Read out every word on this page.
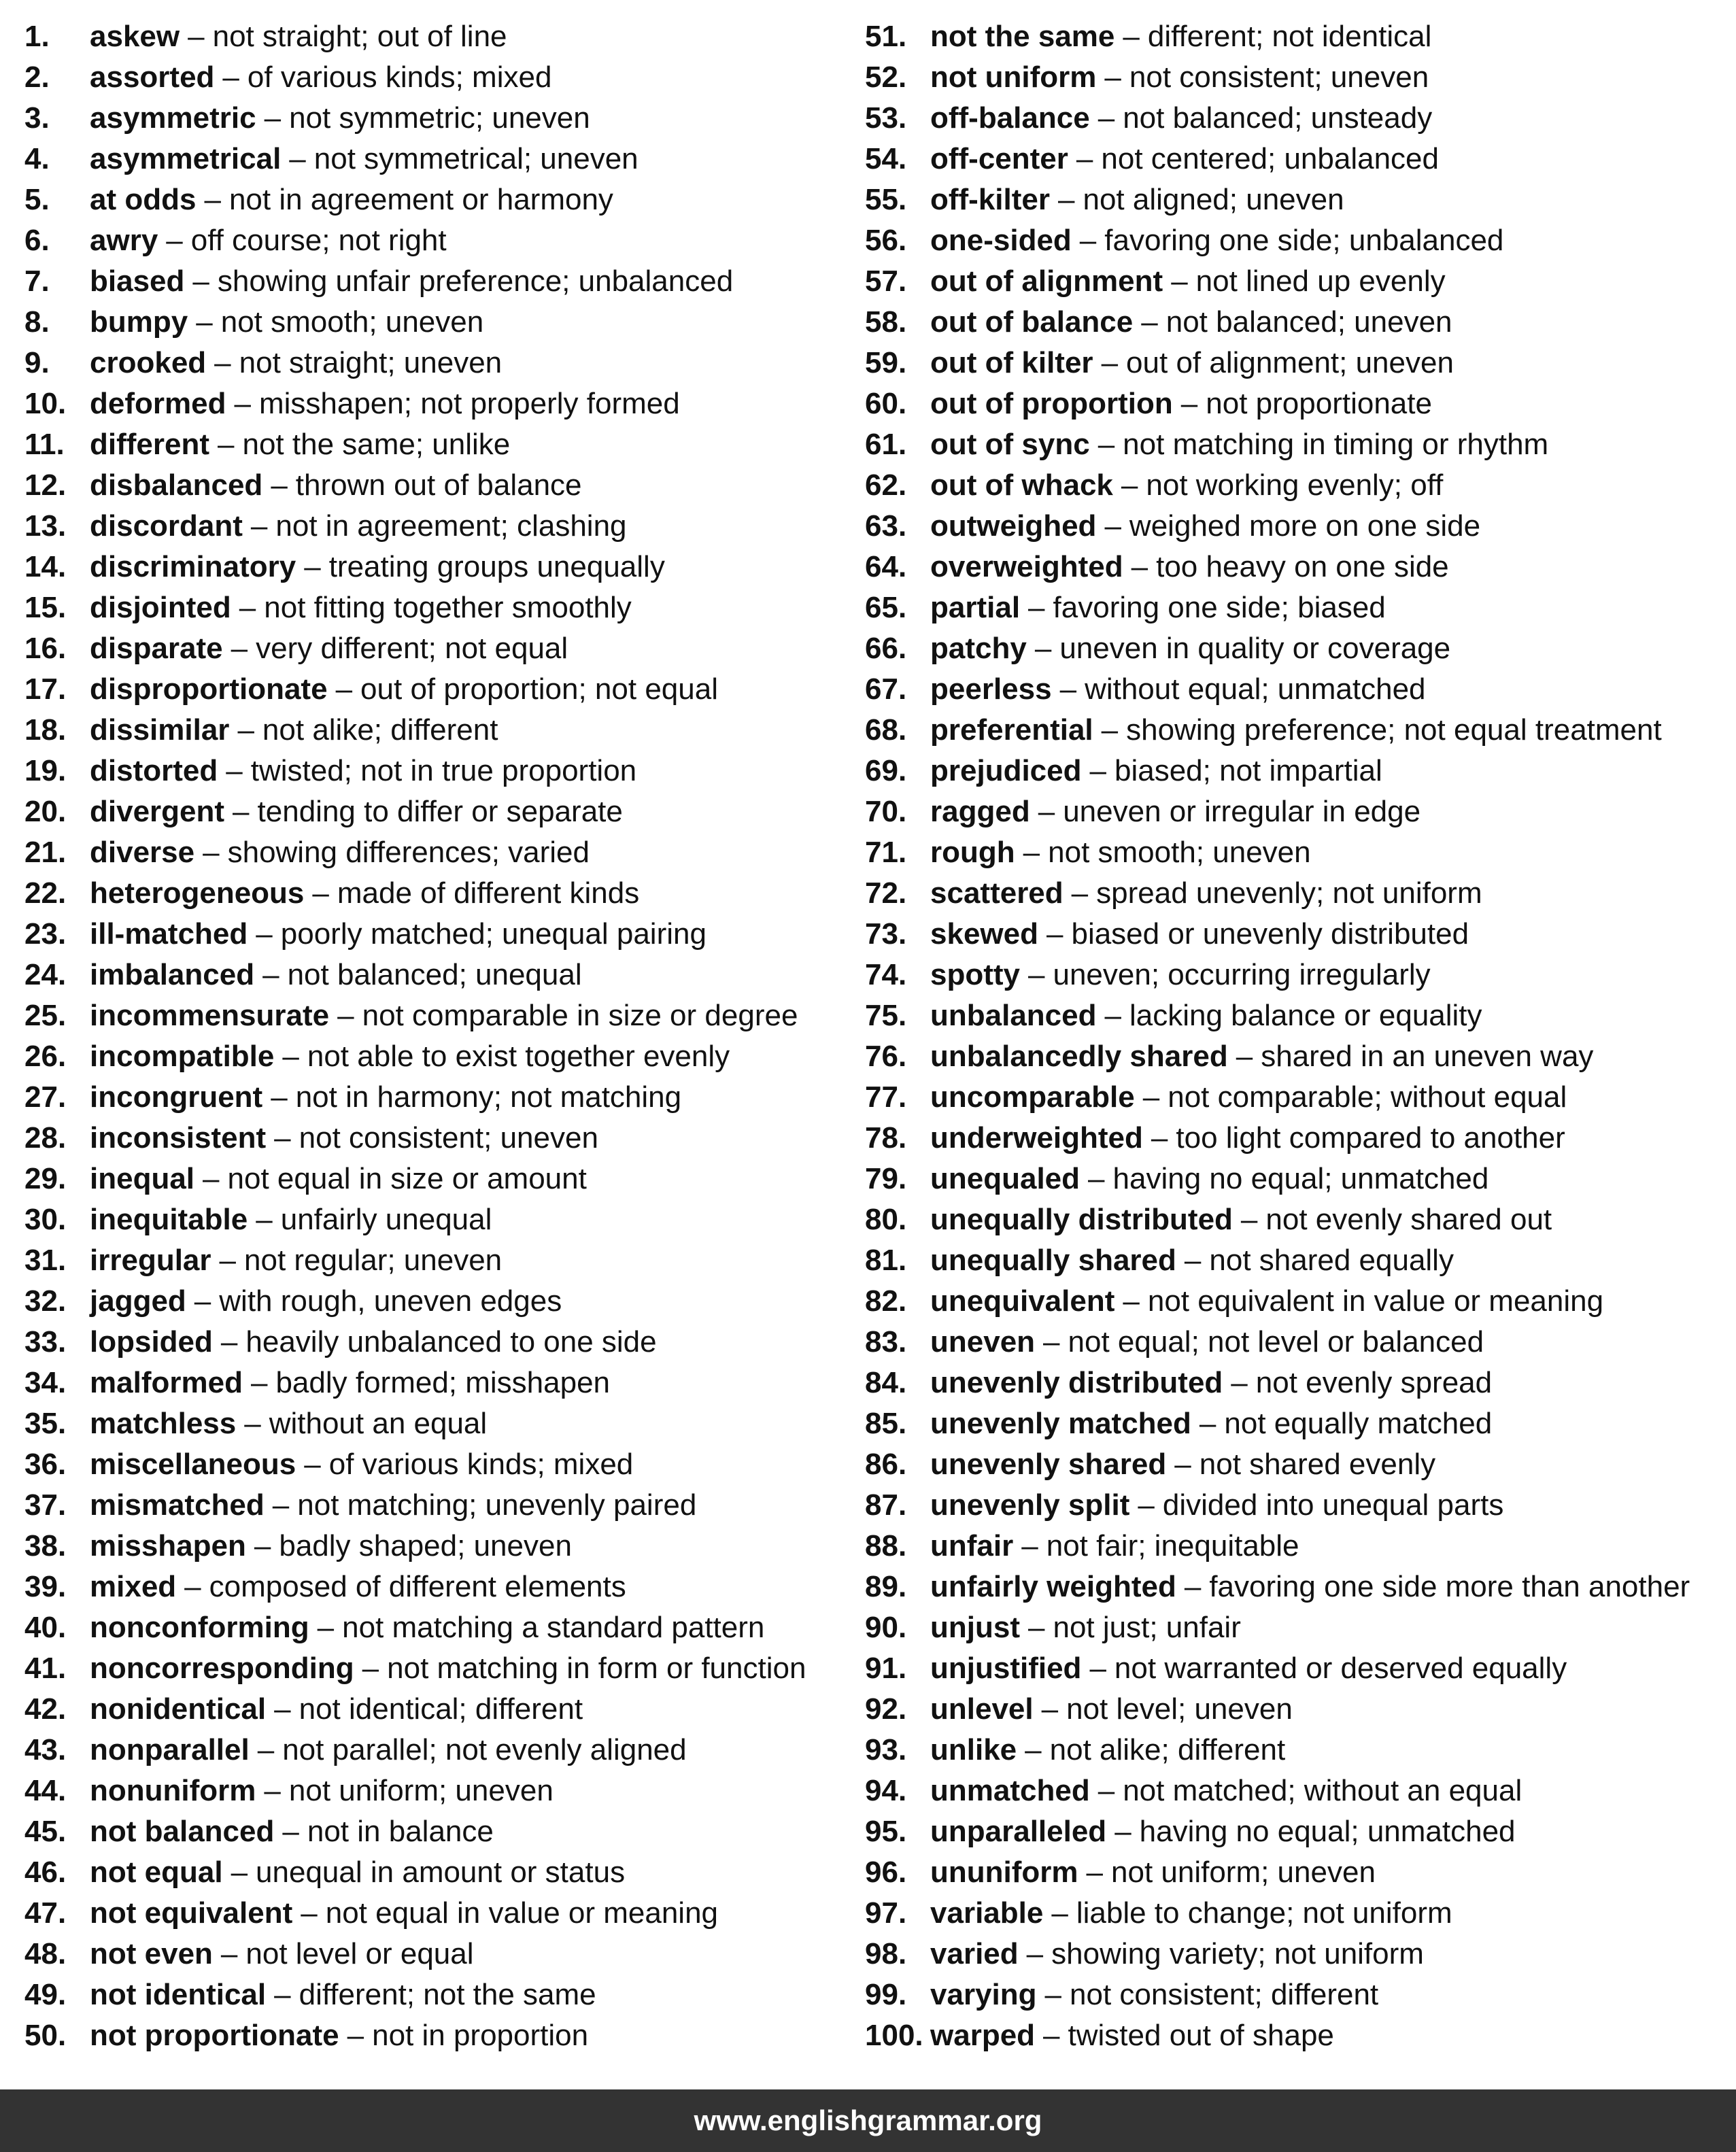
1.	askew – not straight; out of line
2.	assorted – of various kinds; mixed
3.	asymmetric – not symmetric; uneven
4.	asymmetrical – not symmetrical; uneven
5.	at odds – not in agreement or harmony
6.	awry – off course; not right
7.	biased – showing unfair preference; unbalanced
8.	bumpy – not smooth; uneven
9.	crooked – not straight; uneven
10. deformed – misshapen; not properly formed
11. different – not the same; unlike
12. disbalanced – thrown out of balance
13. discordant – not in agreement; clashing
14. discriminatory – treating groups unequally
15. disjointed – not fitting together smoothly
16. disparate – very different; not equal
17. disproportionate – out of proportion; not equal
18. dissimilar – not alike; different
19. distorted – twisted; not in true proportion
20. divergent – tending to differ or separate
21. diverse – showing differences; varied
22. heterogeneous – made of different kinds
23. ill-matched – poorly matched; unequal pairing
24. imbalanced – not balanced; unequal
25. incommensurate – not comparable in size or degree
26. incompatible – not able to exist together evenly
27. incongruent – not in harmony; not matching
28. inconsistent – not consistent; uneven
29. inequal – not equal in size or amount
30. inequitable – unfairly unequal
31. irregular – not regular; uneven
32. jagged – with rough, uneven edges
33. lopsided – heavily unbalanced to one side
34. malformed – badly formed; misshapen
35. matchless – without an equal
36. miscellaneous – of various kinds; mixed
37. mismatched – not matching; unevenly paired
38. misshapen – badly shaped; uneven
39. mixed – composed of different elements
40. nonconforming – not matching a standard pattern
41. noncorresponding – not matching in form or function
42. nonidentical – not identical; different
43. nonparallel – not parallel; not evenly aligned
44. nonuniform – not uniform; uneven
45. not balanced – not in balance
46. not equal – unequal in amount or status
47. not equivalent – not equal in value or meaning
48. not even – not level or equal
49. not identical – different; not the same
50. not proportionate – not in proportion
51. not the same – different; not identical
52. not uniform – not consistent; uneven
53. off-balance – not balanced; unsteady
54. off-center – not centered; unbalanced
55. off-kilter – not aligned; uneven
56. one-sided – favoring one side; unbalanced
57. out of alignment – not lined up evenly
58. out of balance – not balanced; uneven
59. out of kilter – out of alignment; uneven
60. out of proportion – not proportionate
61. out of sync – not matching in timing or rhythm
62. out of whack – not working evenly; off
63. outweighed – weighed more on one side
64. overweighted – too heavy on one side
65. partial – favoring one side; biased
66. patchy – uneven in quality or coverage
67. peerless – without equal; unmatched
68. preferential – showing preference; not equal treatment
69. prejudiced – biased; not impartial
70. ragged – uneven or irregular in edge
71. rough – not smooth; uneven
72. scattered – spread unevenly; not uniform
73. skewed – biased or unevenly distributed
74. spotty – uneven; occurring irregularly
75. unbalanced – lacking balance or equality
76. unbalancedly shared – shared in an uneven way
77. uncomparable – not comparable; without equal
78. underweighted – too light compared to another
79. unequaled – having no equal; unmatched
80. unequally distributed – not evenly shared out
81. unequally shared – not shared equally
82. unequivalent – not equivalent in value or meaning
83. uneven – not equal; not level or balanced
84. unevenly distributed – not evenly spread
85. unevenly matched – not equally matched
86. unevenly shared – not shared evenly
87. unevenly split – divided into unequal parts
88. unfair – not fair; inequitable
89. unfairly weighted – favoring one side more than another
90. unjust – not just; unfair
91. unjustified – not warranted or deserved equally
92. unlevel – not level; uneven
93. unlike – not alike; different
94. unmatched – not matched; without an equal
95. unparalleled – having no equal; unmatched
96. ununiform – not uniform; uneven
97. variable – liable to change; not uniform
98. varied – showing variety; not uniform
99. varying – not consistent; different
100. warped – twisted out of shape
www.englishgrammar.org
